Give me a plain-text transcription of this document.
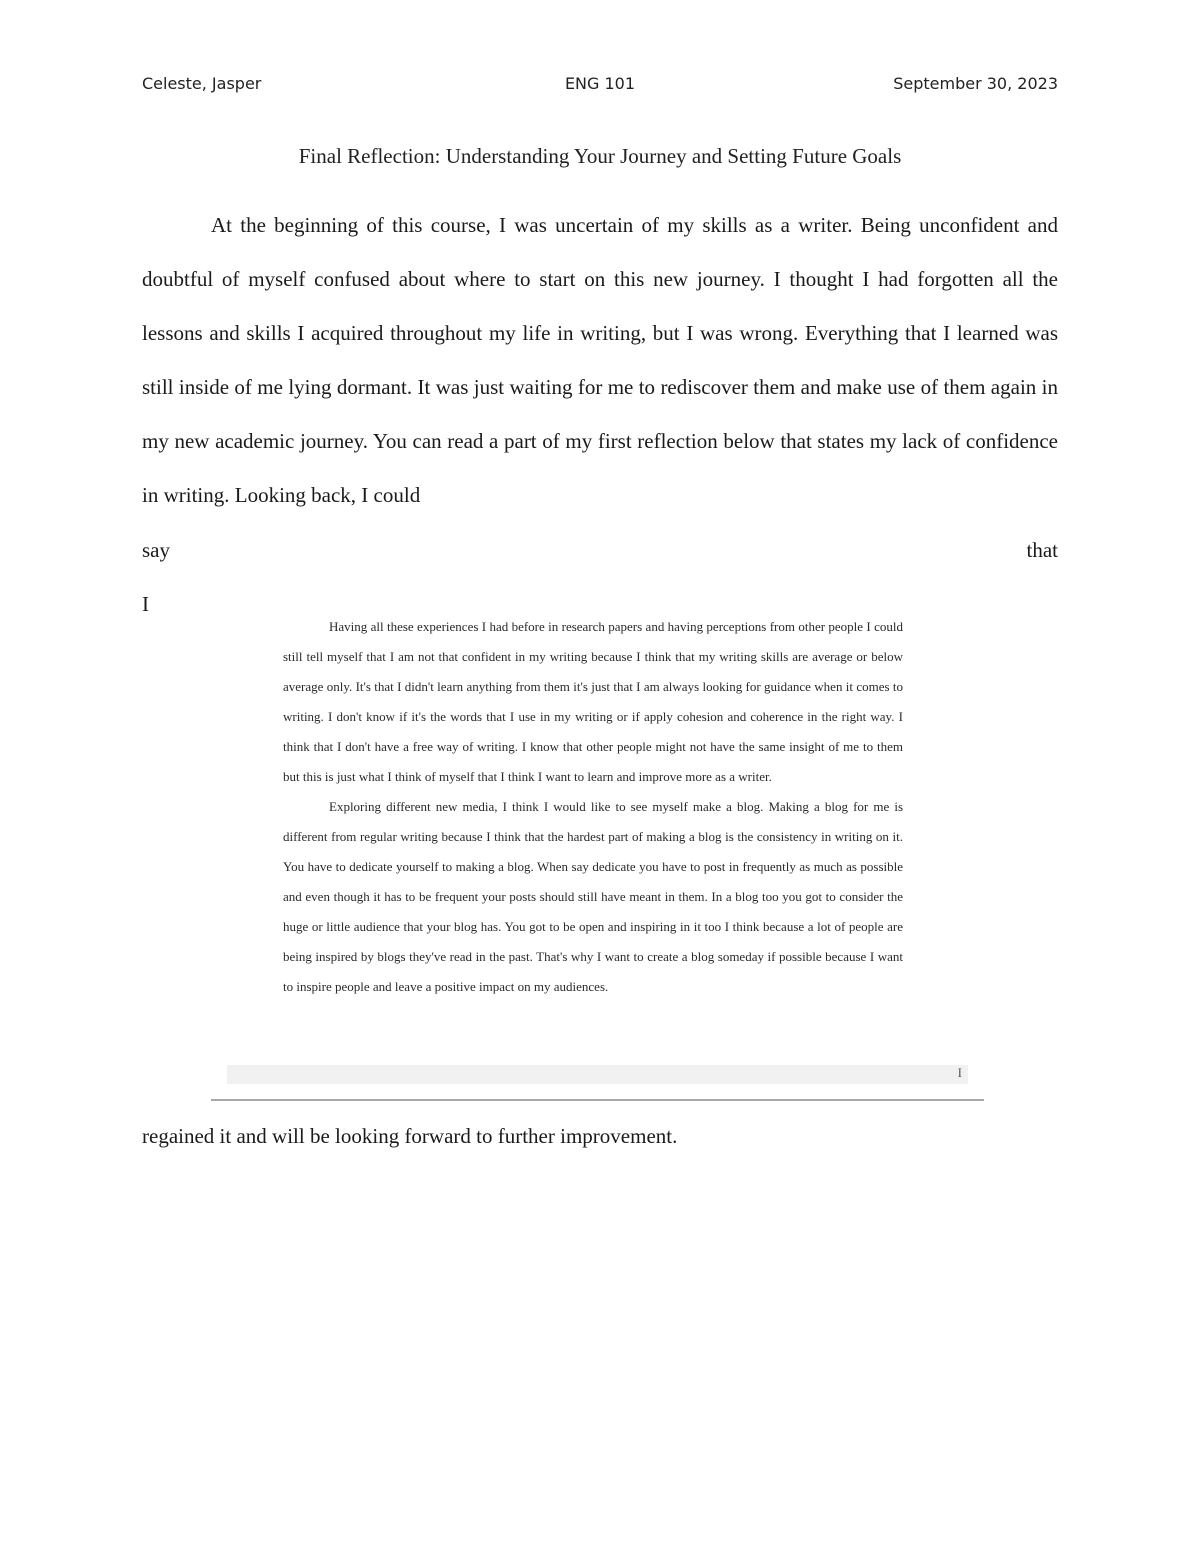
Celeste, Jasper	ENG 101	September 30, 2023
Final Reflection: Understanding Your Journey and Setting Future Goals

At the beginning of this course, I was uncertain of my skills as a writer. Being unconfident and doubtful of myself confused about where to start on this new journey. I thought I had forgotten all the lessons and skills I acquired throughout my life in writing, but I was wrong. Everything that I learned was still inside of me lying dormant. It was just waiting for me to rediscover them and make use of them again in my new academic journey. You can read a part of my first reflection below that states my lack of confidence in writing. Looking back, I could

say	that
I

Having all these experiences I had before in research papers and having perceptions from other people I could still tell myself that I am not that confident in my writing because I think that my writing skills are average or below average only. It's that I didn't learn anything from them it's just that I am always looking for guidance when it comes to writing. I don't know if it's the words that I use in my writing or if apply cohesion and coherence in the right way. I think that I don't have a free way of writing. I know that other people might not have the same insight of me to them but this is just what I think of myself that I think I want to learn and improve more as a writer.

Exploring different new media, I think I would like to see myself make a blog. Making a blog for me is different from regular writing because I think that the hardest part of making a blog is the consistency in writing on it. You have to dedicate yourself to making a blog. When say dedicate you have to post in frequently as much as possible and even though it has to be frequent your posts should still have meant in them. In a blog too you got to consider the huge or little audience that your blog has. You got to be open and inspiring in it too I think because a lot of people are being inspired by blogs they've read in the past. That's why I want to create a blog someday if possible because I want to inspire people and leave a positive impact on my audiences.

I
regained it and will be looking forward to further improvement.
